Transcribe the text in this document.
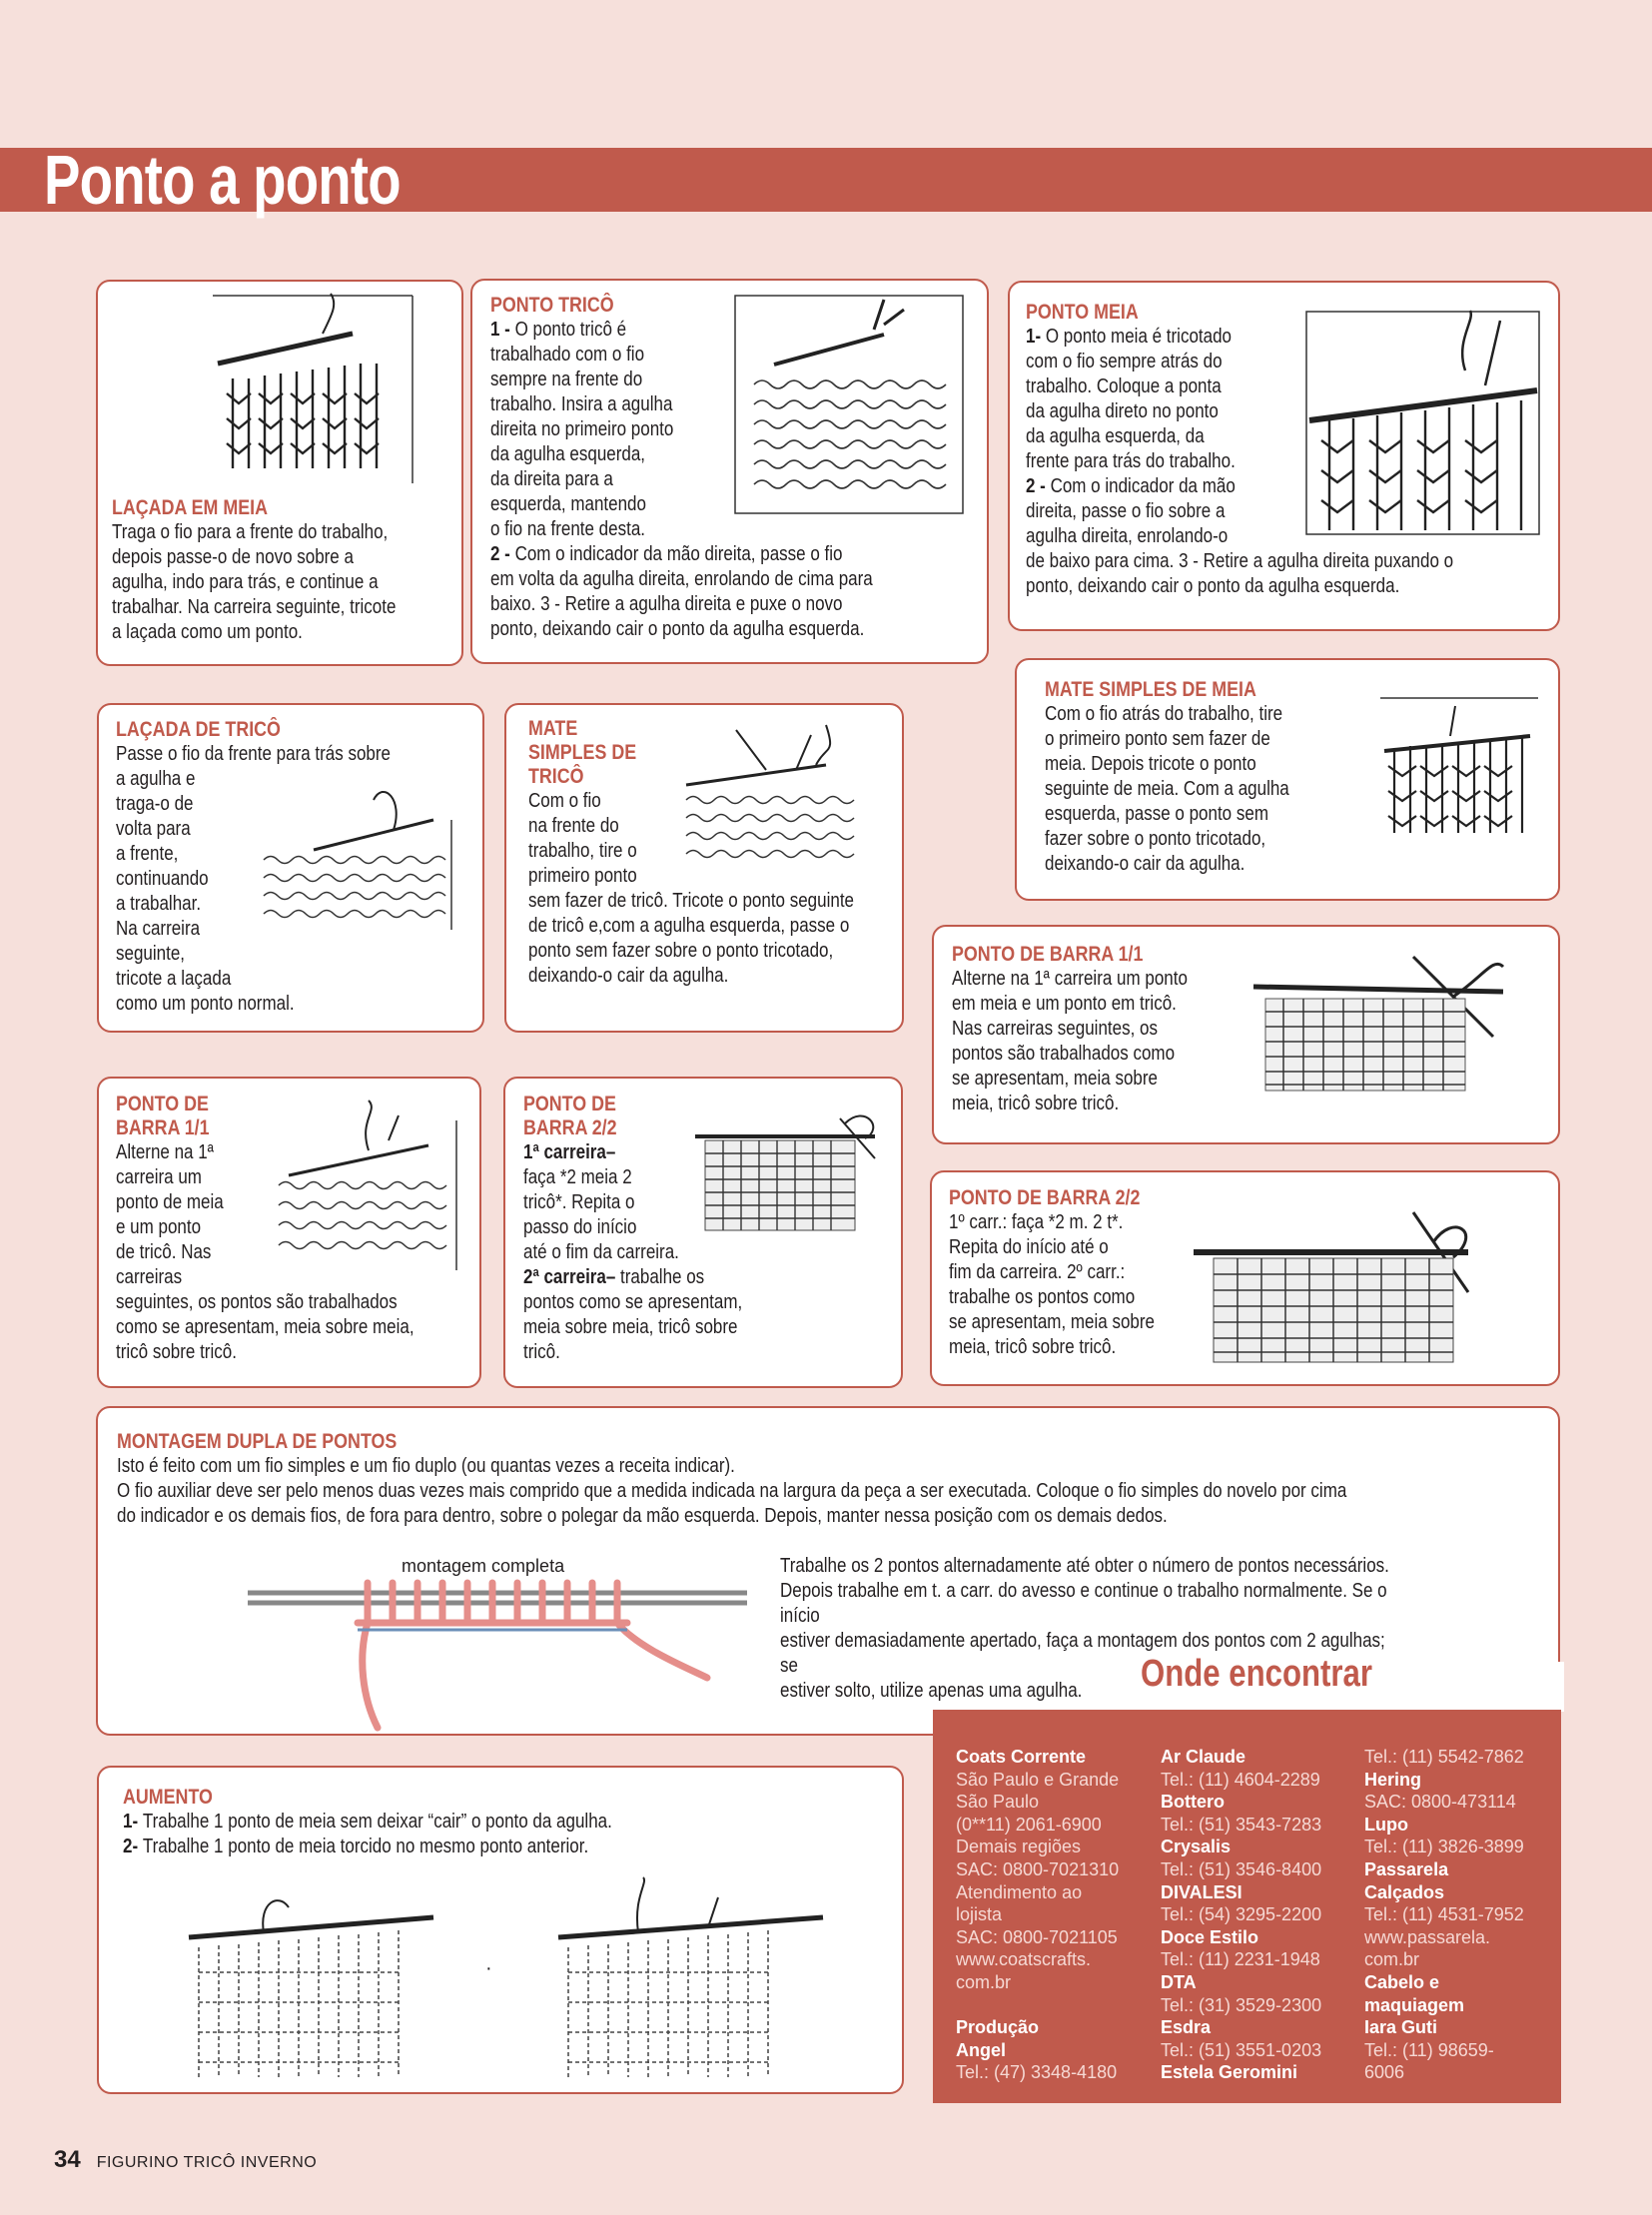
Ponto a ponto

LAÇADA EM MEIA

Traga o fio para a frente do trabalho,

depois passe-o de novo sobre a

agulha, indo para trás, e continue a

trabalhar. Na carreira seguinte, tricote

a laçada como um ponto.

PONTO TRICÔ

1 - O ponto tricô é

trabalhado com o fio

sempre na frente do

trabalho. Insira a agulha

direita no primeiro ponto

da agulha esquerda,

da direita para a

esquerda, mantendo

o fio na frente desta.

2 - Com o indicador da mão direita, passe o fio

em volta da agulha direita, enrolando de cima para

baixo. 3 - Retire a agulha direita e puxe o novo

ponto, deixando cair o ponto da agulha esquerda.

PONTO MEIA

1- O ponto meia é tricotado

com o fio sempre atrás do

trabalho. Coloque a ponta

da agulha direto no ponto

da agulha esquerda, da

frente para trás do trabalho.

2 - Com o indicador da mão

direita, passe o fio sobre a

agulha direita, enrolando-o

de baixo para cima. 3 - Retire a agulha direita puxando o

ponto, deixando cair o ponto da agulha esquerda.

LAÇADA DE TRICÔ

Passe o fio da frente para trás sobre

a agulha e

traga-o de

volta para

a frente,

continuando

a trabalhar.

Na carreira

seguinte,

tricote a laçada

como um ponto normal.

MATE

SIMPLES DE

TRICÔ

Com o fio

na frente do

trabalho, tire o

primeiro ponto

sem fazer de tricô. Tricote o ponto seguinte

de tricô e,com a agulha esquerda, passe o

ponto sem fazer sobre o ponto tricotado,

deixando-o cair da agulha.

MATE SIMPLES DE MEIA

Com o fio atrás do trabalho, tire

o primeiro ponto sem fazer de

meia. Depois tricote o ponto

seguinte de meia. Com a agulha

esquerda, passe o ponto sem

fazer sobre o ponto tricotado,

deixando-o cair da agulha.

PONTO DE BARRA 1/1

Alterne na 1ª carreira um ponto

em meia e um ponto em tricô.

Nas carreiras seguintes, os

pontos são trabalhados como

se apresentam, meia sobre

meia, tricô sobre tricô.

PONTO DE

BARRA 1/1

Alterne na 1ª

carreira um

ponto de meia

e um ponto

de tricô. Nas

carreiras

seguintes, os pontos são trabalhados

como se apresentam, meia sobre meia,

tricô sobre tricô.

PONTO DE

BARRA 2/2

1ª carreira–

faça *2 meia 2

tricô*. Repita o

passo do início

até o fim da carreira.

2ª carreira– trabalhe os

pontos como se apresentam,

meia sobre meia, tricô sobre

tricô.

PONTO DE BARRA 2/2

1º carr.: faça *2 m. 2 t*.

Repita do início até o

fim da carreira. 2º carr.:

trabalhe os pontos como

se apresentam, meia sobre

meia, tricô sobre tricô.

MONTAGEM DUPLA DE PONTOS

Isto é feito com um fio simples e um fio duplo (ou quantas vezes a receita indicar).

O fio auxiliar deve ser pelo menos duas vezes mais comprido que a medida indicada na largura da peça a ser executada. Coloque o fio simples do novelo por cima

do indicador e os demais fios, de fora para dentro, sobre o polegar da mão esquerda. Depois, manter nessa posição com os demais dedos.

montagem completa	Trabalhe os 2 pontos alternadamente até obter o número de pontos necessários.

Depois trabalhe em t. a carr. do avesso e continue o trabalho normalmente. Se o início

estiver demasiadamente apertado, faça a montagem dos pontos com 2 agulhas; se

estiver solto, utilize apenas uma agulha.	Onde encontrar
Coats Corrente
São Paulo e Grande
São Paulo
(0**11) 2061-6900
Demais regiões
SAC: 0800-7021310
Atendimento ao
lojista
SAC: 0800-7021105
www.coatscrafts.
com.br

Produção
Angel
Tel.: (47) 3348-4180
Ar Claude
Tel.: (11) 4604-2289
Bottero
Tel.: (51) 3543-7283
Crysalis
Tel.: (51) 3546-8400
DIVALESI
Tel.: (54) 3295-2200
Doce Estilo
Tel.: (11) 2231-1948
DTA
Tel.: (31) 3529-2300
Esdra
Tel.: (51) 3551-0203
Estela Geromini
Tel.: (11) 5542-7862
Hering
SAC: 0800-473114
Lupo
Tel.: (11) 3826-3899
Passarela
Calçados
Tel.: (11) 4531-7952
www.passarela.
com.br
Cabelo e
maquiagem
Iara Guti
Tel.: (11) 98659-
6006

AUMENTO

1- Trabalhe 1 ponto de meia sem deixar “cair” o ponto da agulha.

2- Trabalhe 1 ponto de meia torcido no mesmo ponto anterior.

·
34 FIGURINO TRICÔ INVERNO
